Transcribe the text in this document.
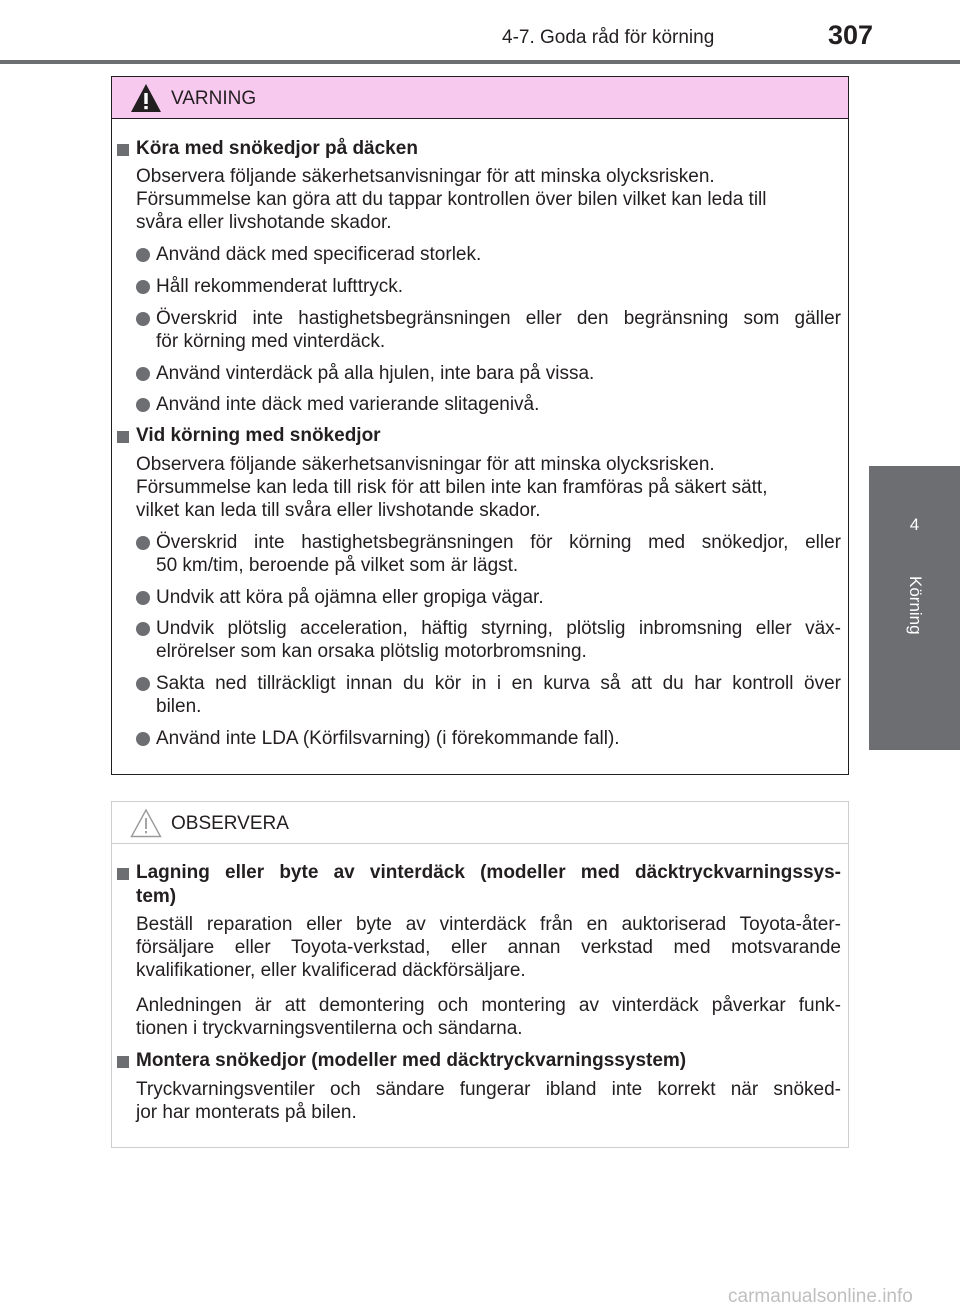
4-7. Goda råd för körning	307
4
Körning
VARNING
Köra med snökedjor på däcken
Observera följande säkerhetsanvisningar för att minska olycksrisken.
Försummelse kan göra att du tappar kontrollen över bilen vilket kan leda till
svåra eller livshotande skador.
Använd däck med specificerad storlek.
Håll rekommenderat lufttryck.
Överskrid inte hastighetsbegränsningen eller den begränsning som gäller
för körning med vinterdäck.
Använd vinterdäck på alla hjulen, inte bara på vissa.
Använd inte däck med varierande slitagenivå.
Vid körning med snökedjor
Observera följande säkerhetsanvisningar för att minska olycksrisken.
Försummelse kan leda till risk för att bilen inte kan framföras på säkert sätt,
vilket kan leda till svåra eller livshotande skador.
Överskrid inte hastighetsbegränsningen för körning med snökedjor, eller
50 km/tim, beroende på vilket som är lägst.
Undvik att köra på ojämna eller gropiga vägar.
Undvik plötslig acceleration, häftig styrning, plötslig inbromsning eller väx-
elrörelser som kan orsaka plötslig motorbromsning.
Sakta ned tillräckligt innan du kör in i en kurva så att du har kontroll över
bilen.
Använd inte LDA (Körfilsvarning) (i förekommande fall).
OBSERVERA
Lagning eller byte av vinterdäck (modeller med däcktryckvarningssys-
tem)
Beställ reparation eller byte av vinterdäck från en auktoriserad Toyota-åter-
försäljare eller Toyota-verkstad, eller annan verkstad med motsvarande
kvalifikationer, eller kvalificerad däckförsäljare.
Anledningen är att demontering och montering av vinterdäck påverkar funk-
tionen i tryckvarningsventilerna och sändarna.
Montera snökedjor (modeller med däcktryckvarningssystem)
Tryckvarningsventiler och sändare fungerar ibland inte korrekt när snöked-
jor har monterats på bilen.
carmanualsonline.info
